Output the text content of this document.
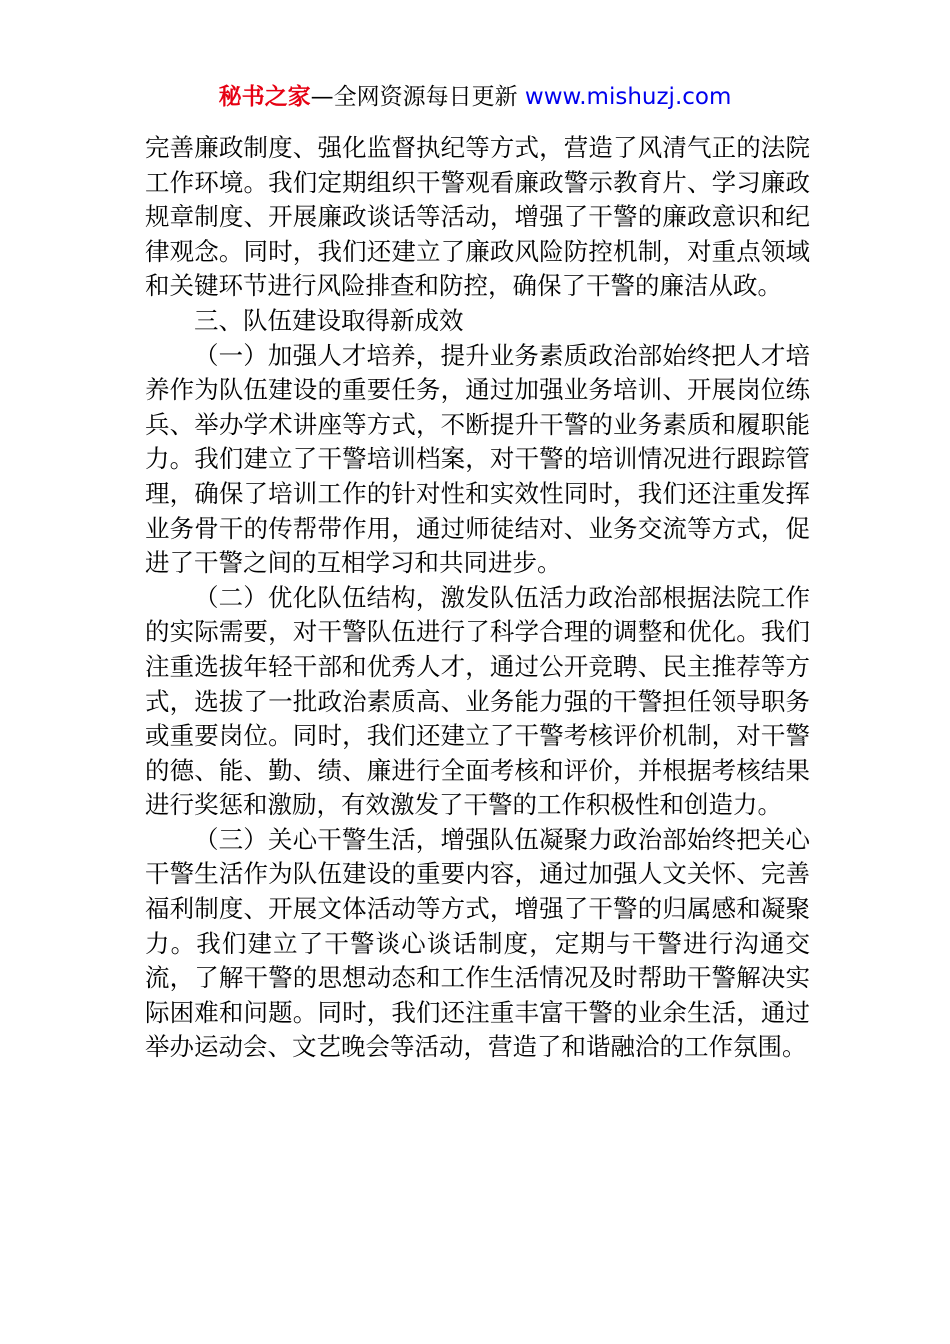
秘书之家—全网资源每日更新 www.mishuzj.com

完善廉政制度、强化监督执纪等方式，营造了风清气正的法院工作环境。我们定期组织干警观看廉政警示教育片、学习廉政规章制度、开展廉政谈话等活动，增强了干警的廉政意识和纪律观念。同时，我们还建立了廉政风险防控机制，对重点领域和关键环节进行风险排查和防控，确保了干警的廉洁从政。

三、队伍建设取得新成效

（一）加强人才培养，提升业务素质政治部始终把人才培养作为队伍建设的重要任务，通过加强业务培训、开展岗位练兵、举办学术讲座等方式，不断提升干警的业务素质和履职能力。我们建立了干警培训档案，对干警的培训情况进行跟踪管理，确保了培训工作的针对性和实效性同时，我们还注重发挥业务骨干的传帮带作用，通过师徒结对、业务交流等方式，促进了干警之间的互相学习和共同进步。

（二）优化队伍结构，激发队伍活力政治部根据法院工作的实际需要，对干警队伍进行了科学合理的调整和优化。我们注重选拔年轻干部和优秀人才，通过公开竞聘、民主推荐等方式，选拔了一批政治素质高、业务能力强的干警担任领导职务或重要岗位。同时，我们还建立了干警考核评价机制，对干警的德、能、勤、绩、廉进行全面考核和评价，并根据考核结果进行奖惩和激励，有效激发了干警的工作积极性和创造力。

（三）关心干警生活，增强队伍凝聚力政治部始终把关心干警生活作为队伍建设的重要内容，通过加强人文关怀、完善福利制度、开展文体活动等方式，增强了干警的归属感和凝聚力。我们建立了干警谈心谈话制度，定期与干警进行沟通交流，了解干警的思想动态和工作生活情况及时帮助干警解决实际困难和问题。同时，我们还注重丰富干警的业余生活，通过举办运动会、文艺晚会等活动，营造了和谐融洽的工作氛围。
